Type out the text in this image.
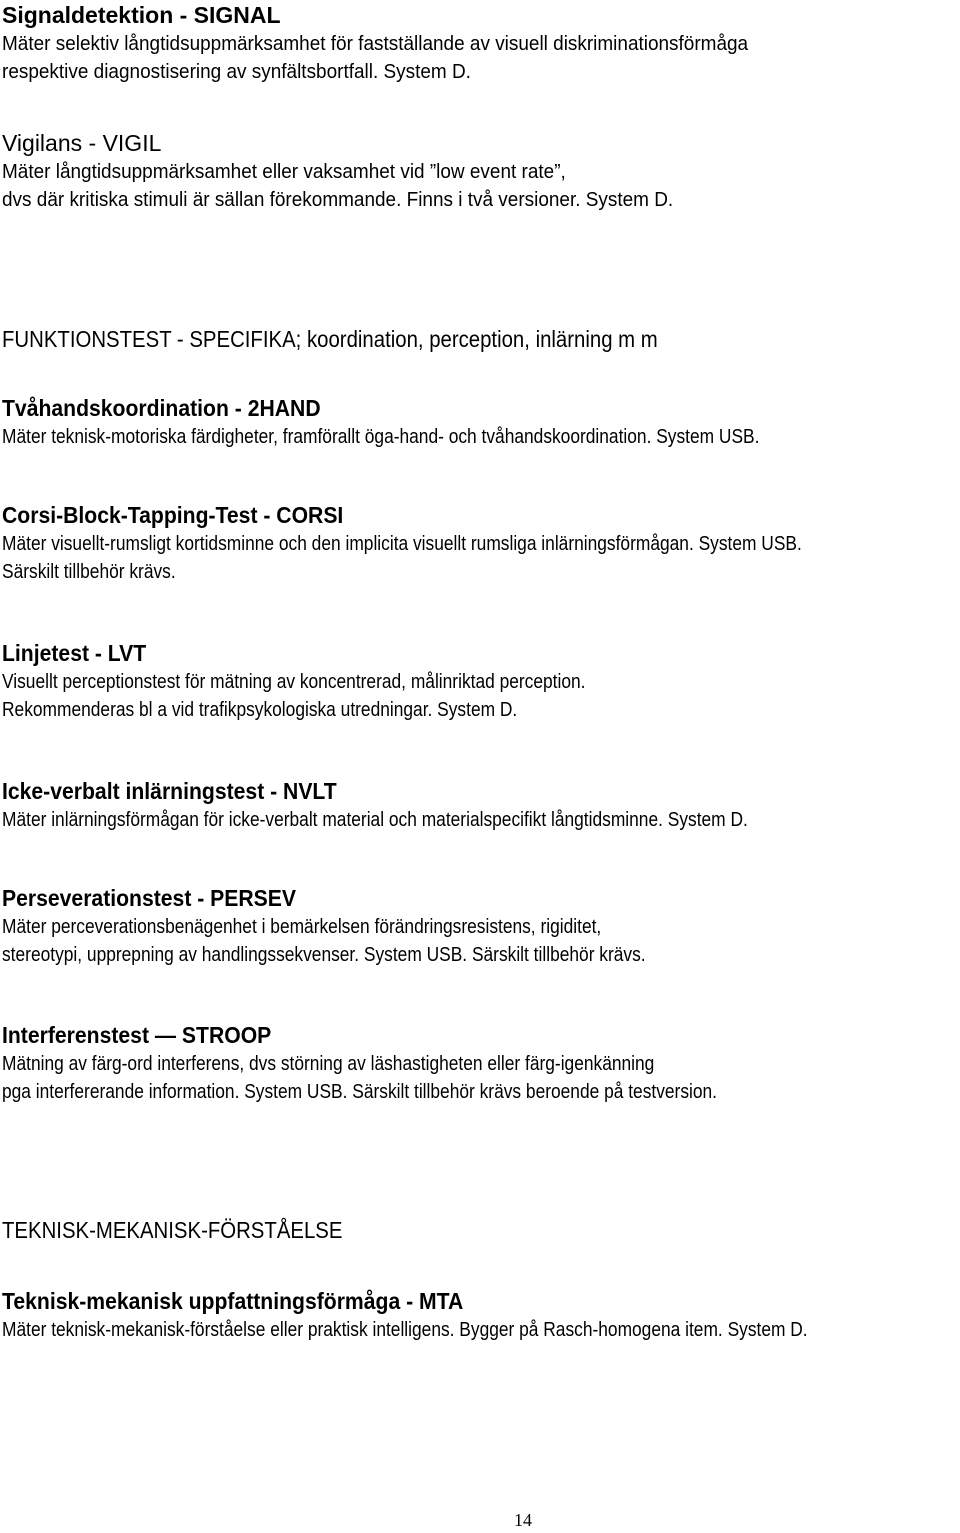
Signaldetektion - SIGNAL
Mäter selektiv långtidsuppmärksamhet för fastställande av visuell diskriminationsförmåga
respektive diagnostisering av synfältsbortfall. System D.
Vigilans - VIGIL
Mäter långtidsuppmärksamhet eller vaksamhet vid ”low event rate”,
dvs där kritiska stimuli är sällan förekommande. Finns i två versioner. System D.
FUNKTIONSTEST - SPECIFIKA; koordination, perception, inlärning m m
Tvåhandskoordination - 2HAND
Mäter teknisk-motoriska färdigheter, framförallt öga-hand- och tvåhandskoordination. System USB.
Corsi-Block-Tapping-Test - CORSI
Mäter visuellt-rumsligt kortidsminne och den implicita visuellt rumsliga inlärningsförmågan. System USB.
Särskilt tillbehör krävs.
Linjetest - LVT
Visuellt perceptionstest för mätning av koncentrerad, målinriktad perception.
Rekommenderas bl a vid trafikpsykologiska utredningar. System D.
Icke-verbalt inlärningstest - NVLT
Mäter inlärningsförmågan för icke-verbalt material och materialspecifikt långtidsminne. System D.
Perseverationstest - PERSEV
Mäter perceverationsbenägenhet i bemärkelsen förändringsresistens, rigiditet,
stereotypi, upprepning av handlingssekvenser. System USB. Särskilt tillbehör krävs.
Interferenstest — STROOP
Mätning av färg-ord interferens, dvs störning av läshastigheten eller färg-igenkänning
pga interfererande information. System USB. Särskilt tillbehör krävs beroende på testversion.
TEKNISK-MEKANISK-FÖRSTÅELSE
Teknisk-mekanisk uppfattningsförmåga - MTA
Mäter teknisk-mekanisk-förståelse eller praktisk intelligens. Bygger på Rasch-homogena item. System D.
14
